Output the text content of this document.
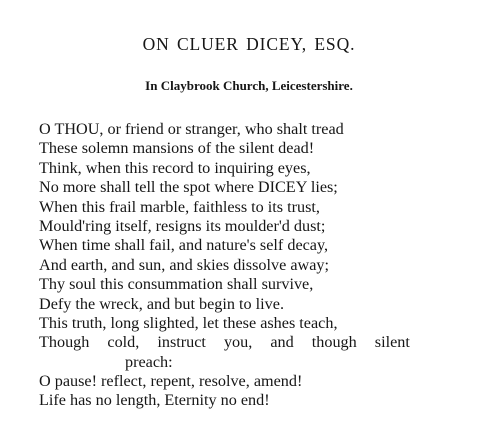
ON CLUER DICEY, ESQ.
In Claybrook Church, Leicestershire.
O THOU, or friend or stranger, who shalt tread
These solemn mansions of the silent dead!
Think, when this record to inquiring eyes,
No more shall tell the spot where DICEY lies;
When this frail marble, faithless to its trust,
Mould'ring itself, resigns its moulder'd dust;
When time shall fail, and nature's self decay,
And earth, and sun, and skies dissolve away;
Thy soul this consummation shall survive,
Defy the wreck, and but begin to live.
This truth, long slighted, let these ashes teach,
Though cold, instruct you, and though silent
preach:
O pause! reflect, repent, resolve, amend!
Life has no length, Eternity no end!
